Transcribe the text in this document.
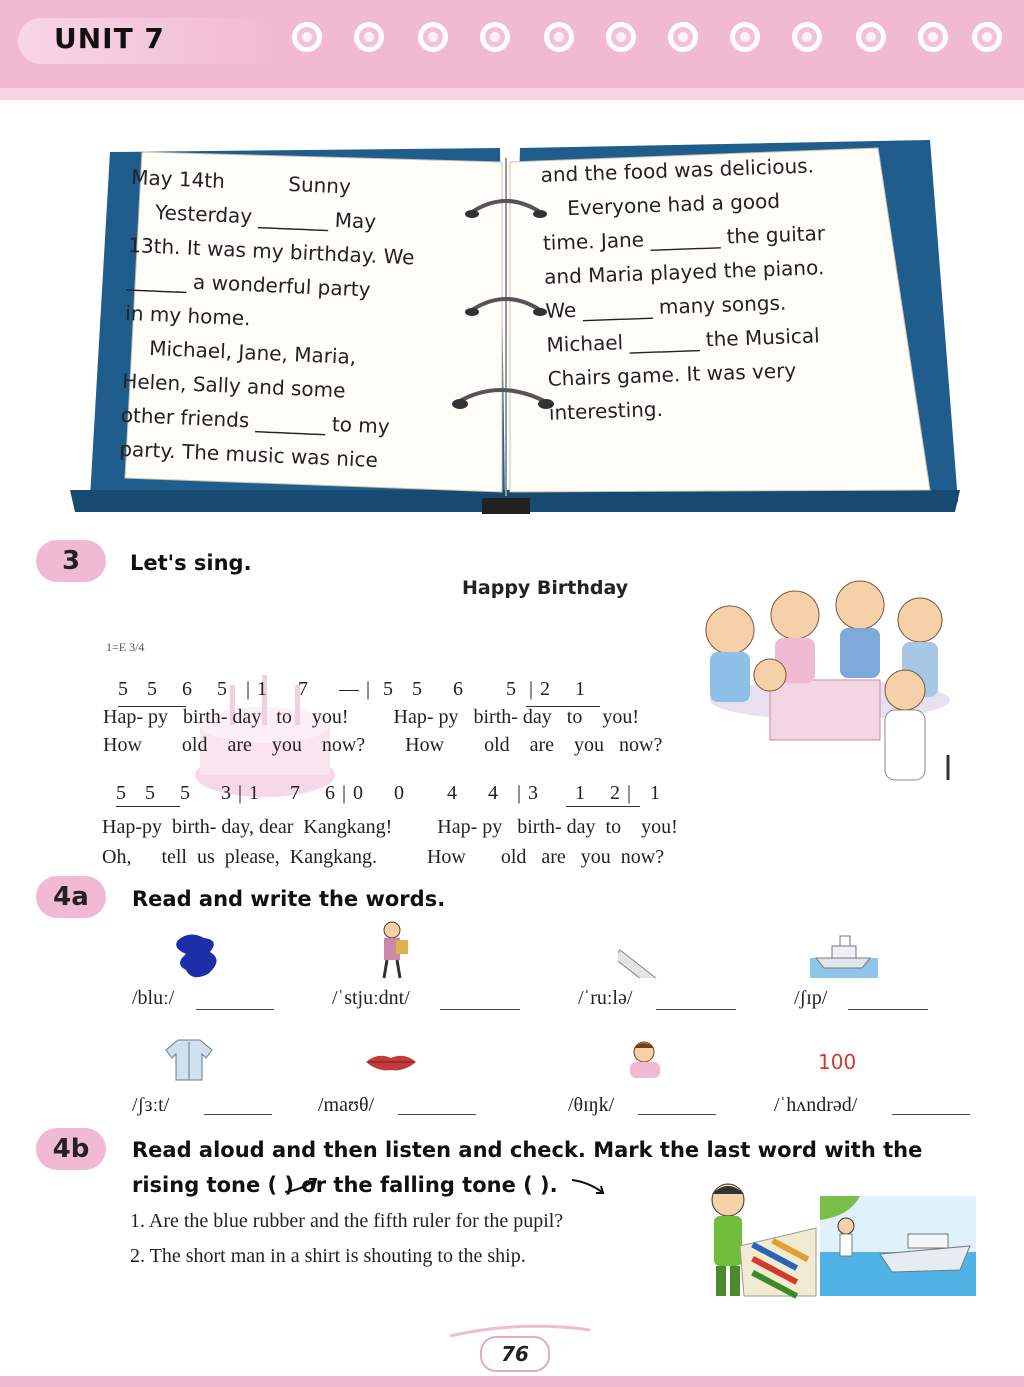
UNIT 7
May 14th          Sunny
Yesterday _______ May
13th. It was my birthday. We
______ a wonderful party
in my home.
Michael, Jane, Maria,
Helen, Sally and some
other friends _______ to my
party. The music was nice
and the food was delicious.
Everyone had a good
time. Jane _______ the guitar
and Maria played the piano.
We _______ many songs.
Michael _______ the Musical
Chairs game. It was very
interesting.
3	Let's sing.
Happy Birthday
1=E 3/4
5   5    6    5   | 1     7     — |  5   5     6       5  | 2    1
Hap- py   birth- day   to    you!         Hap- py   birth- day   to    you!
How        old    are    you    now?        How        old    are    you   now?
5   5    5     3 | 1     7    6 | 0     0       4     4   | 3      1    2 |   1
Hap-py  birth- day, dear  Kangkang!         Hap- py   birth- day  to    you!
Oh,      tell  us  please,  Kangkang.          How       old   are   you  now?
4a	Read and write the words.
/bluː/	/ˈstjuːdnt/	/ˈruːlə/	/ʃɪp/
100
/ʃɜːt/	/maʊθ/	/θɪŋk/	/ˈhʌndrəd/
4b	Read aloud and then listen and check. Mark the last word with the
rising tone ( ) or the falling tone ( ).
1. Are the blue rubber and the fifth ruler for the pupil?
2. The short man in a shirt is shouting to the ship.
76
